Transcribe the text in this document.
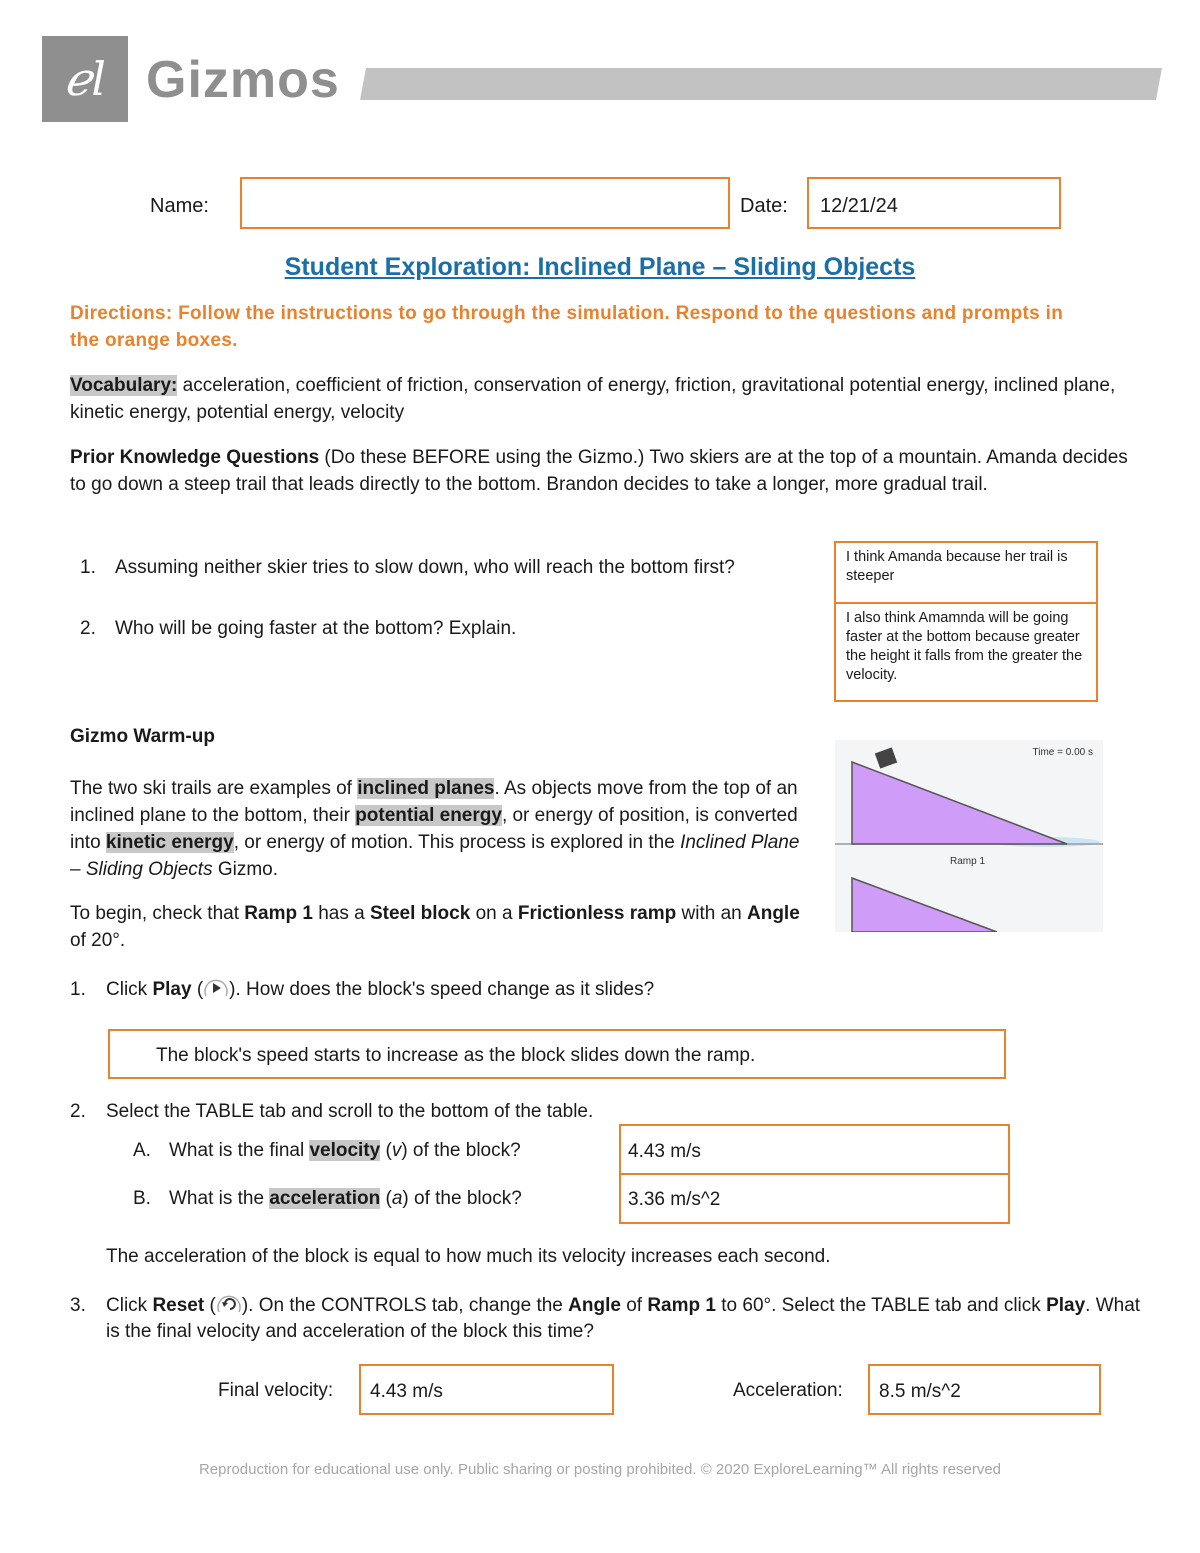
ℯl Gizmos
Name:	Date: 12/21/24
Student Exploration: Inclined Plane – Sliding Objects
Directions: Follow the instructions to go through the simulation. Respond to the questions and prompts in the orange boxes.
Vocabulary: acceleration, coefficient of friction, conservation of energy, friction, gravitational potential energy, inclined plane, kinetic energy, potential energy, velocity
Prior Knowledge Questions (Do these BEFORE using the Gizmo.) Two skiers are at the top of a mountain. Amanda decides to go down a steep trail that leads directly to the bottom. Brandon decides to take a longer, more gradual trail.
1. Assuming neither skier tries to slow down, who will reach the bottom first?
2. Who will be going faster at the bottom? Explain.
I think Amanda because her trail is steeper
I also think Amamnda will be going faster at the bottom because greater the height it falls from the greater the velocity.
Gizmo Warm-up
The two ski trails are examples of inclined planes. As objects move from the top of an inclined plane to the bottom, their potential energy, or energy of position, is converted into kinetic energy, or energy of motion. This process is explored in the Inclined Plane – Sliding Objects Gizmo.
To begin, check that Ramp 1 has a Steel block on a Frictionless ramp with an Angle of 20°.
Time = 0.00 s
Ramp 1
1. Click Play ( ). How does the block's speed change as it slides?
The block's speed starts to increase as the block slides down the ramp.
2. Select the TABLE tab and scroll to the bottom of the table.
A. What is the final velocity (v) of the block?	4.43 m/s
B. What is the acceleration (a) of the block?	3.36 m/s^2
The acceleration of the block is equal to how much its velocity increases each second.
3. Click Reset ( ). On the CONTROLS tab, change the Angle of Ramp 1 to 60°. Select the TABLE tab and click Play. What is the final velocity and acceleration of the block this time?
Final velocity: 4.43 m/s	Acceleration: 8.5 m/s^2
Reproduction for educational use only. Public sharing or posting prohibited. © 2020 ExploreLearning™ All rights reserved
